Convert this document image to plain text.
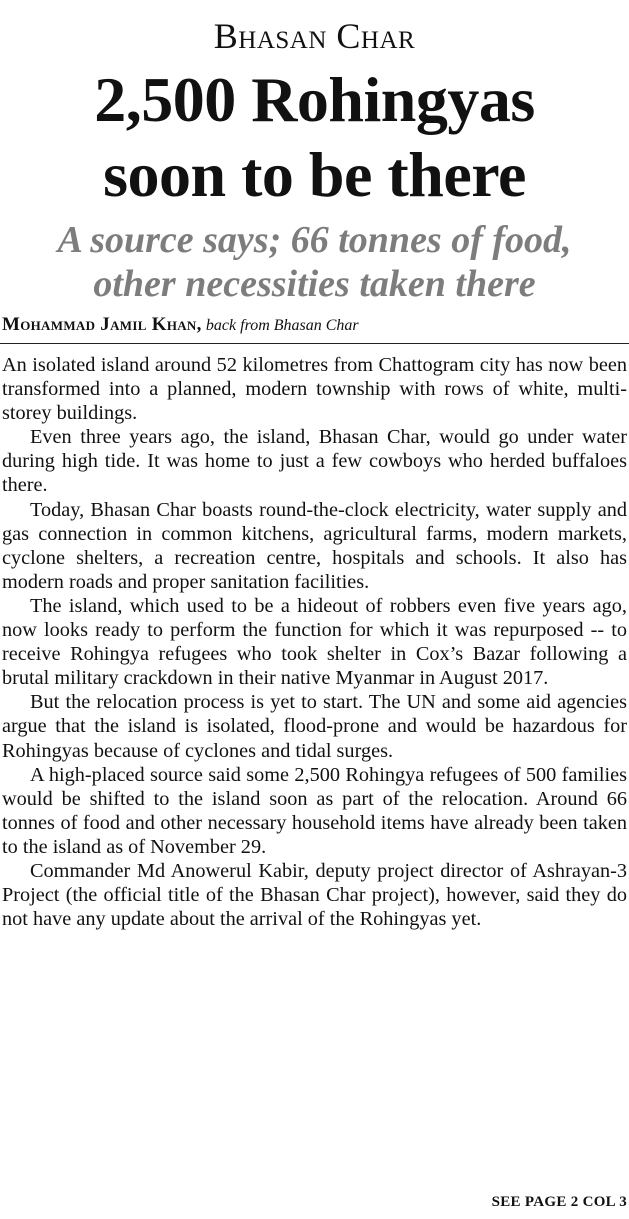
Bhasan Char
2,500 Rohingyas
soon to be there
A source says; 66 tonnes of food,
other necessities taken there
Mohammad Jamil Khan, back from Bhasan Char

An isolated island around 52 kilometres from Chattogram city has now been transformed into a planned, modern township with rows of white, multi-storey buildings.

Even three years ago, the island, Bhasan Char, would go under water during high tide. It was home to just a few cowboys who herded buffaloes there.

Today, Bhasan Char boasts round-the-clock electricity, water supply and gas connection in common kitchens, agricultural farms, modern markets, cyclone shelters, a recreation centre, hospitals and schools. It also has modern roads and proper sanitation facilities.

The island, which used to be a hideout of robbers even five years ago, now looks ready to perform the function for which it was repurposed -- to receive Rohingya refugees who took shelter in Cox’s Bazar following a brutal military crackdown in their native Myanmar in August 2017.

But the relocation process is yet to start. The UN and some aid agencies argue that the island is isolated, flood-prone and would be hazardous for Rohingyas because of cyclones and tidal surges.

A high-placed source said some 2,500 Rohingya refugees of 500 families would be shifted to the island soon as part of the relocation. Around 66 tonnes of food and other necessary household items have already been taken to the island as of November 29.

Commander Md Anowerul Kabir, deputy project director of Ashrayan-3 Project (the official title of the Bhasan Char project), however, said they do not have any update about the arrival of the Rohingyas yet.

SEE PAGE 2 COL 3
